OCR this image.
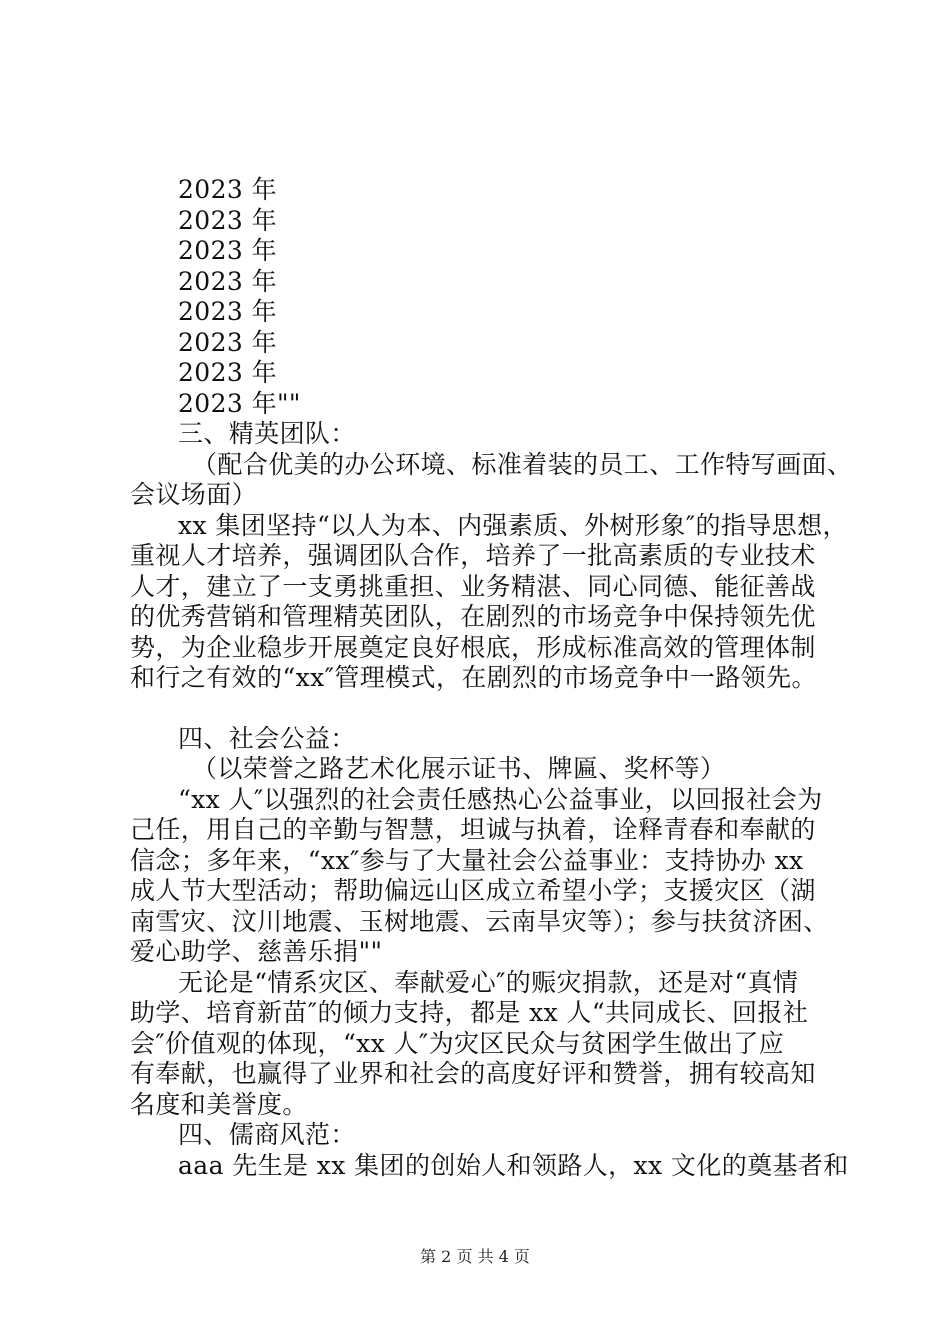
2023 年
2023 年
2023 年
2023 年
2023 年
2023 年
2023 年
2023 年""
三、精英团队：
（配合优美的办公环境、标准着装的员工、工作特写画面、
会议场面）
xx 集团坚持“以人为本、内强素质、外树形象″的指导思想，
重视人才培养，强调团队合作，培养了一批高素质的专业技术
人才，建立了一支勇挑重担、业务精湛、同心同德、能征善战
的优秀营销和管理精英团队，在剧烈的市场竞争中保持领先优
势，为企业稳步开展奠定良好根底，形成标准高效的管理体制
和行之有效的“xx″管理模式，在剧烈的市场竞争中一路领先。
四、社会公益：
（以荣誉之路艺术化展示证书、牌匾、奖杯等）
“xx 人″以强烈的社会责任感热心公益事业，以回报社会为
己任，用自己的辛勤与智慧，坦诚与执着，诠释青春和奉献的
信念；多年来，“xx″参与了大量社会公益事业：支持协办 xx
成人节大型活动；帮助偏远山区成立希望小学；支援灾区（湖
南雪灾、汶川地震、玉树地震、云南旱灾等）；参与扶贫济困、
爱心助学、慈善乐捐""
无论是“情系灾区、奉献爱心″的赈灾捐款，还是对“真情
助学、培育新苗″的倾力支持，都是 xx 人“共同成长、回报社
会″价值观的体现，“xx 人″为灾区民众与贫困学生做出了应
有奉献，也赢得了业界和社会的高度好评和赞誉，拥有较高知
名度和美誉度。
四、儒商风范：
aaa 先生是 xx 集团的创始人和领路人，xx 文化的奠基者和
第 2 页 共 4 页
